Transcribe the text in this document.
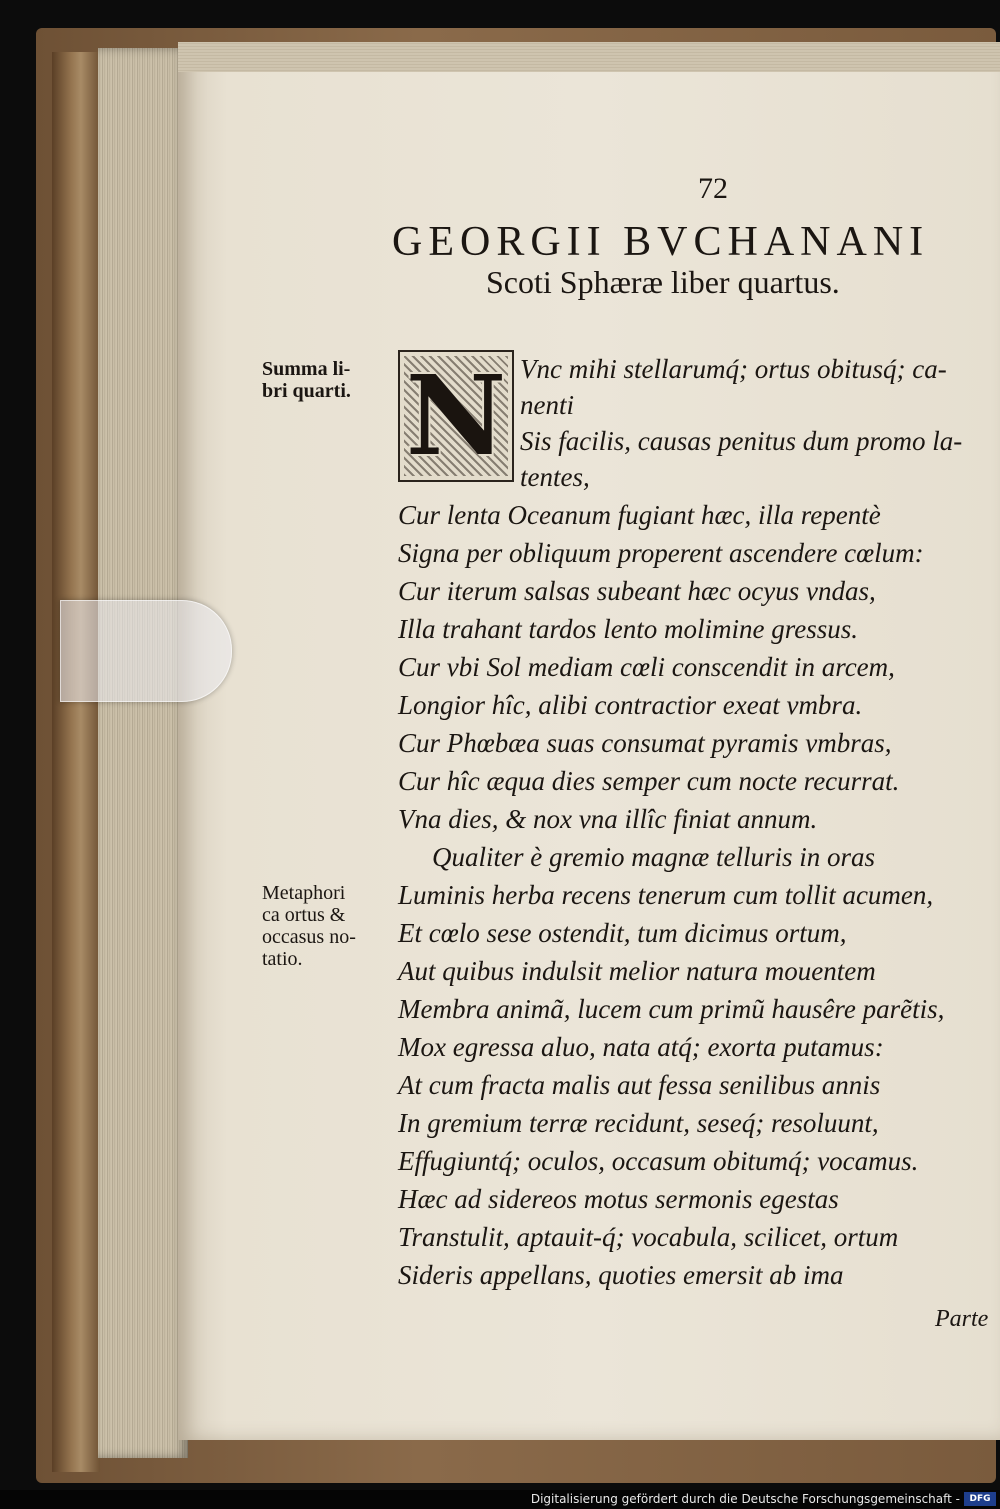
72
GEORGII BVCHANANI
Scoti Sphæræ liber quartus.
Summa li-
bri quarti.
Metaphori
ca ortus &
occasus no-
tatio.
N Vnc mihi stellarumq́; ortus obitusq́; ca-
nenti
Sis facilis, causas penitus dum promo la-
tentes,
Cur lenta Oceanum fugiant hæc, illa repentè
Signa per obliquum properent ascendere cœlum:
Cur iterum salsas subeant hæc ocyus vndas,
Illa trahant tardos lento molimine gressus.
Cur vbi Sol mediam cœli conscendit in arcem,
Longior hîc, alibi contractior exeat vmbra.
Cur Phœbæa suas consumat pyramis vmbras,
Cur hîc æqua dies semper cum nocte recurrat.
Vna dies, & nox vna illîc finiat annum.
Qualiter è gremio magnæ telluris in oras
Luminis herba recens tenerum cum tollit acumen,
Et cœlo sese ostendit, tum dicimus ortum,
Aut quibus indulsit melior natura mouentem
Membra animã, lucem cum primũ hausêre parẽtis,
Mox egressa aluo, nata atq́; exorta putamus:
At cum fracta malis aut fessa senilibus annis
In gremium terræ recidunt, seseq́; resoluunt,
Effugiuntq́; oculos, occasum obitumq́; vocamus.
Hæc ad sidereos motus sermonis egestas
Transtulit, aptauit-q́; vocabula, scilicet, ortum
Sideris appellans, quoties emersit ab ima
Parte
Digitalisierung gefördert durch die Deutsche Forschungsgemeinschaft -	DFG
